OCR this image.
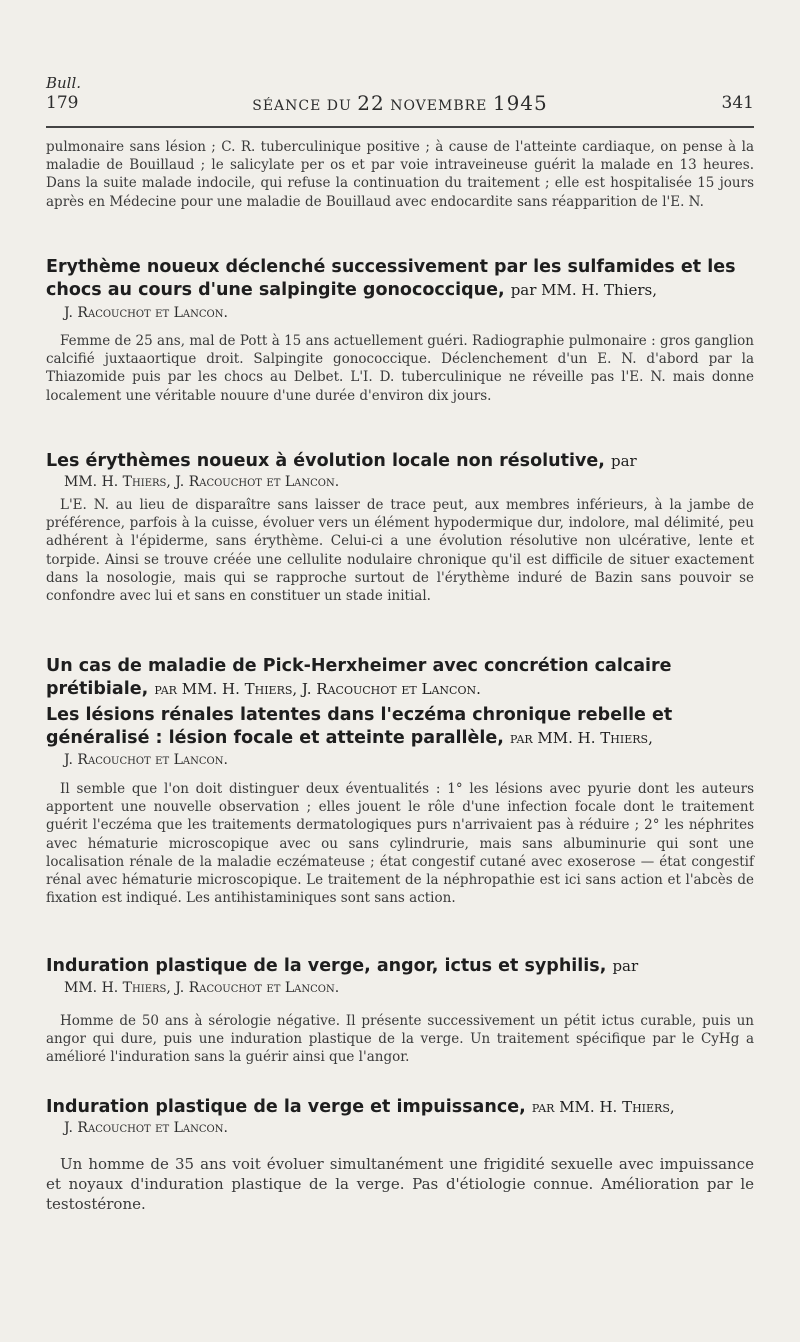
Bull.
179	SÉANCE DU 22 NOVEMBRE 1945	341
pulmonaire sans lésion ; C. R. tuberculinique positive ; à cause de l'atteinte cardiaque, on pense à la maladie de Bouillaud ; le salicylate per os et par voie intraveineuse guérit la malade en 13 heures. Dans la suite malade indocile, qui refuse la continuation du traitement ; elle est hospitalisée 15 jours après en Médecine pour une maladie de Bouillaud avec endocardite sans réapparition de l'E. N.
Erythème noueux déclenché successivement par les sulfamides et les chocs au cours d'une salpingite gonococcique, par MM. H. Thiers,
J. Racouchot et Lancon.
Femme de 25 ans, mal de Pott à 15 ans actuellement guéri. Radiographie pulmonaire : gros ganglion calcifié juxtaaortique droit. Salpingite gonococcique. Déclenchement d'un E. N. d'abord par la Thiazomide puis par les chocs au Delbet. L'I. D. tuberculinique ne réveille pas l'E. N. mais donne localement une véritable nouure d'une durée d'environ dix jours.
Les érythèmes noueux à évolution locale non résolutive, par
MM. H. Thiers, J. Racouchot et Lancon.
L'E. N. au lieu de disparaître sans laisser de trace peut, aux membres inférieurs, à la jambe de préférence, parfois à la cuisse, évoluer vers un élément hypodermique dur, indolore, mal délimité, peu adhérent à l'épiderme, sans érythème. Celui-ci a une évolution résolutive non ulcérative, lente et torpide. Ainsi se trouve créée une cellulite nodulaire chronique qu'il est difficile de situer exactement dans la nosologie, mais qui se rapproche surtout de l'érythème induré de Bazin sans pouvoir se confondre avec lui et sans en constituer un stade initial.
Un cas de maladie de Pick-Herxheimer avec concrétion calcaire prétibiale, par MM. H. Thiers, J. Racouchot et Lancon.
Les lésions rénales latentes dans l'eczéma chronique rebelle et généralisé : lésion focale et atteinte parallèle, par MM. H. Thiers,
J. Racouchot et Lancon.
Il semble que l'on doit distinguer deux éventualités : 1° les lésions avec pyurie dont les auteurs apportent une nouvelle observation ; elles jouent le rôle d'une infection focale dont le traitement guérit l'eczéma que les traitements dermatologiques purs n'arrivaient pas à réduire ; 2° les néphrites avec hématurie microscopique avec ou sans cylindrurie, mais sans albuminurie qui sont une localisation rénale de la maladie eczémateuse ; état congestif cutané avec exoserose — état congestif rénal avec hématurie microscopique. Le traitement de la néphropathie est ici sans action et l'abcès de fixation est indiqué. Les antihistaminiques sont sans action.
Induration plastique de la verge, angor, ictus et syphilis, par
MM. H. Thiers, J. Racouchot et Lancon.
Homme de 50 ans à sérologie négative. Il présente successivement un pétit ictus curable, puis un angor qui dure, puis une induration plastique de la verge. Un traitement spécifique par le CyHg a amélioré l'induration sans la guérir ainsi que l'angor.
Induration plastique de la verge et impuissance, par MM. H. Thiers,
J. Racouchot et Lancon.
Un homme de 35 ans voit évoluer simultanément une frigidité sexuelle avec impuissance et noyaux d'induration plastique de la verge. Pas d'étiologie connue. Amélioration par le testostérone.
